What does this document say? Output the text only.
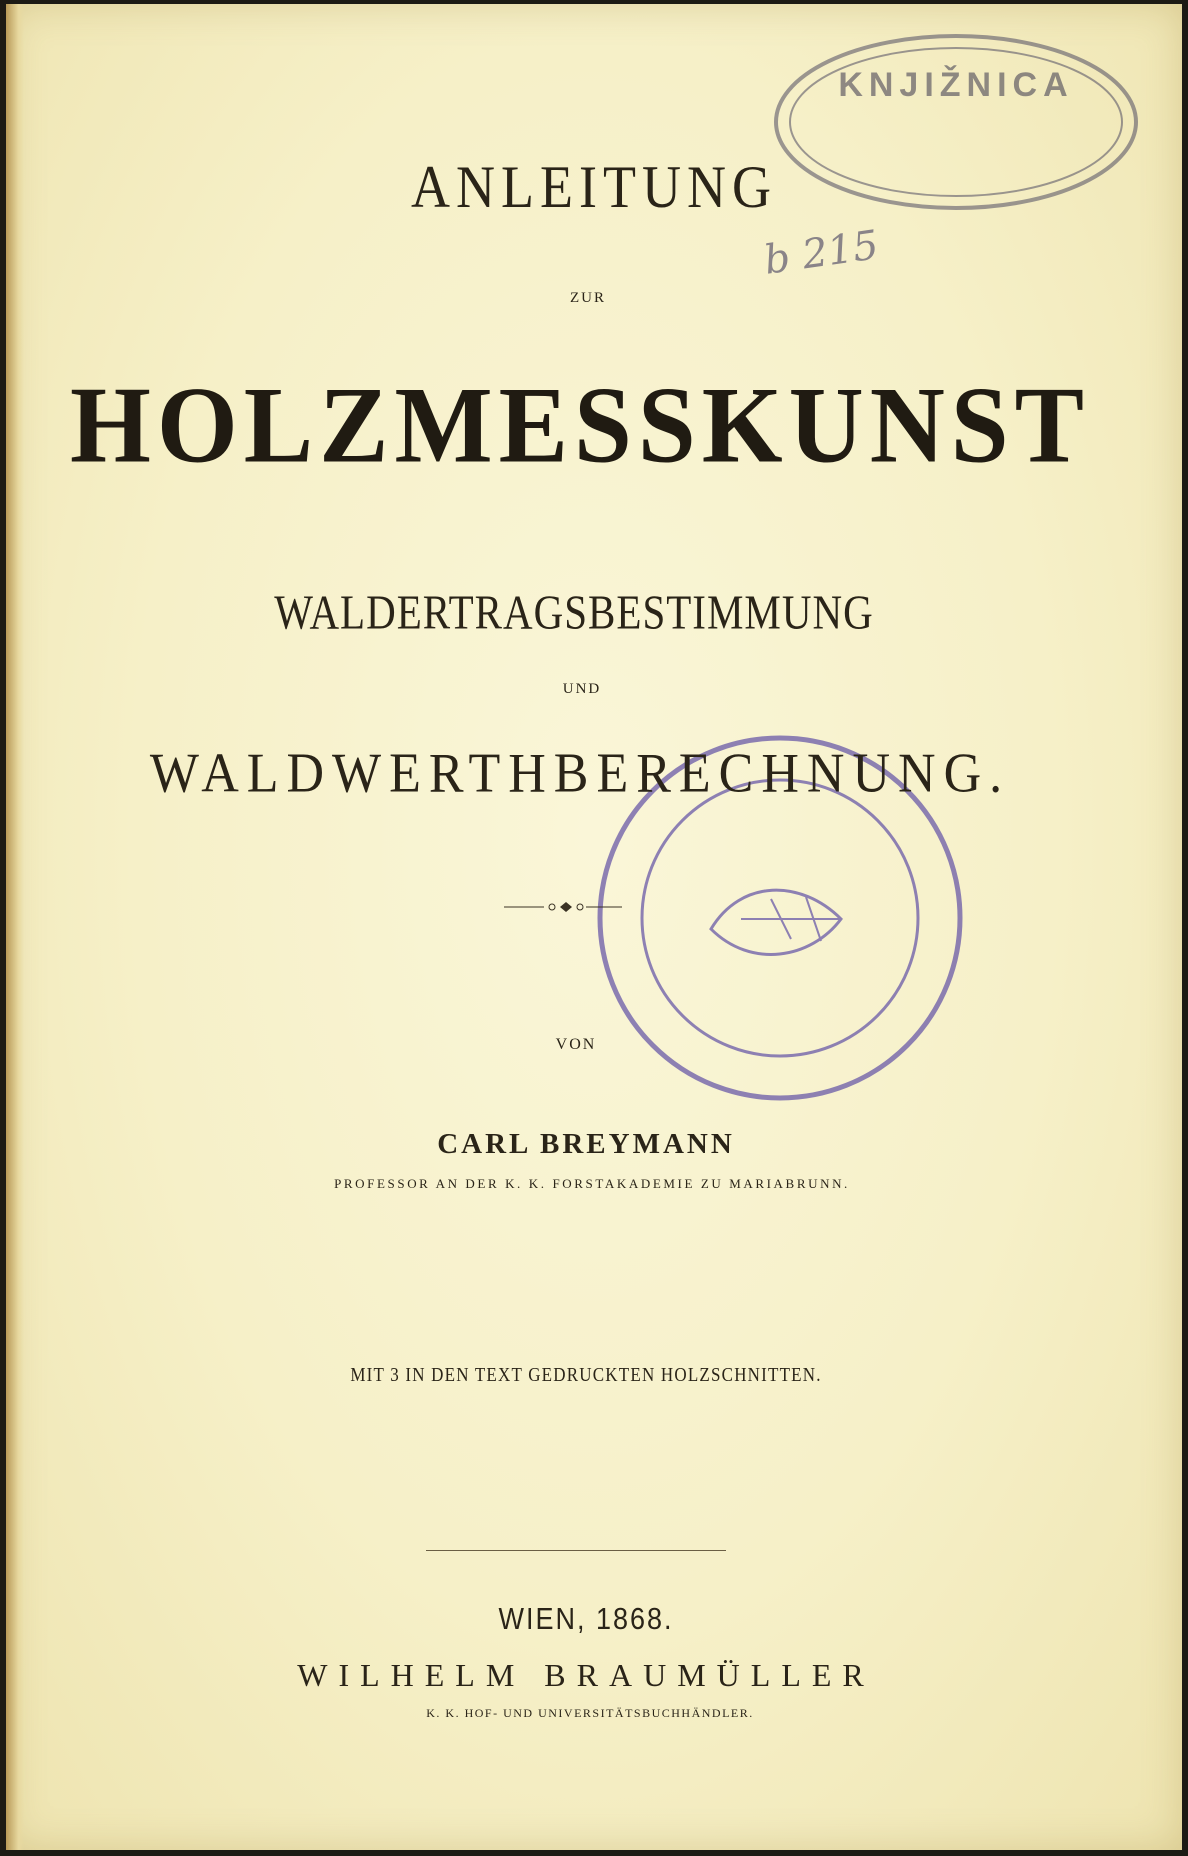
KNJIŽNICA
ANLEITUNG
ZUR
HOLZMESSKUNST
WALDERTRAGSBESTIMMUNG
UND
WALDWERTHBERECHNUNG.
VON
CARL BREYMANN
PROFESSOR AN DER K. K. FORSTAKADEMIE ZU MARIABRUNN.
MIT 3 IN DEN TEXT GEDRUCKTEN HOLZSCHNITTEN.
WIEN, 1868.
WILHELM BRAUMÜLLER
K. K. HOF- UND UNIVERSITÄTSBUCHHÄNDLER.
b 215
